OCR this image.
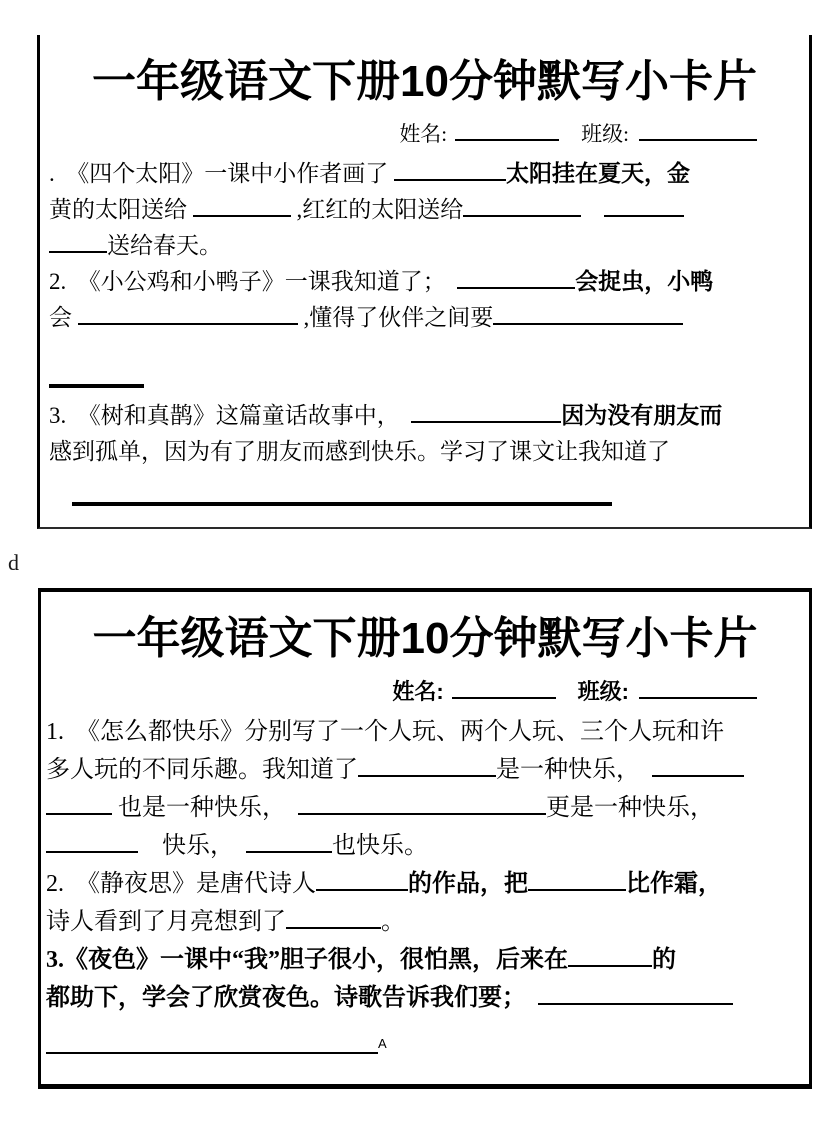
一年级语文下册10分钟默写小卡片
姓名:	班级:
.　《四个太阳》一课中小作者画了	太阳挂在夏天，金
黄的太阳送给	,红红的太阳送给　
送给春天。
2.　《小公鸡和小鸭子》一课我知道了；　	会捉虫，小鸭
会	,懂得了伙伴之间要
3.　《树和真鹊》这篇童话故事中，　	因为没有朋友而
感到孤单，因为有了朋友而感到快乐。学习了课文让我知道了

d
一年级语文下册10分钟默写小卡片
姓名:	班级:
1.　《怎么都快乐》分别写了一个人玩、两个人玩、三个人玩和许
多人玩的不同乐趣。我知道了	是一种快乐，　
也是一种快乐，　	更是一种快乐，
　快乐，　	也快乐。
2.　《静夜思》是唐代诗人	的作品，把	比作霜，
诗人看到了月亮想到了	。
3.《夜色》一课中“我”胆子很小，很怕黑，后来在	的
都助下，学会了欣赏夜色。诗歌告诉我们要；　
$^A$
